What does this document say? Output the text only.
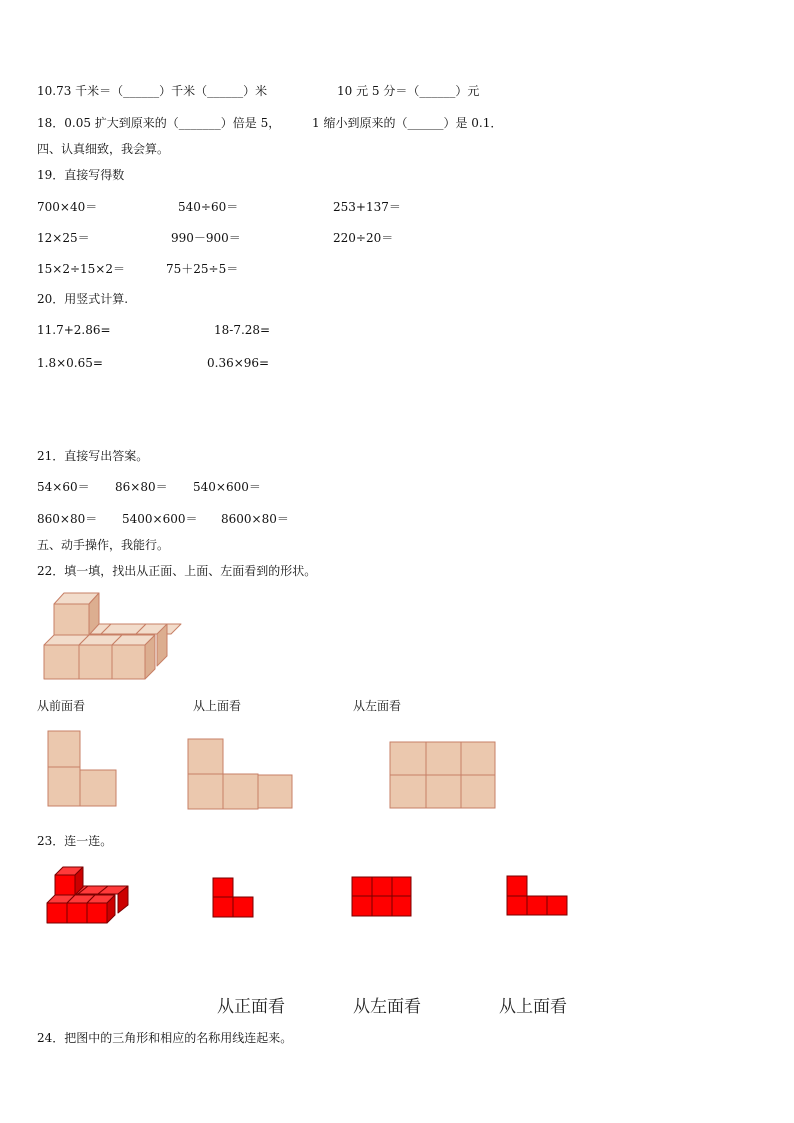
10.73 千米＝（______）千米（______）米	10 元 5 分＝（______）元
18．0.05 扩大到原来的（_______）倍是 5，	1 缩小到原来的（______）是 0.1．
四、认真细致，我会算。
19．直接写得数
700×40＝	540÷60＝	253+137＝
12×25＝	990－900＝	220÷20＝
15×2÷15×2＝	75＋25÷5＝
20．用竖式计算.
11.7+2.86=	18-7.28=
1.8×0.65=	0.36×96=
21．直接写出答案。
54×60＝ 86×80＝ 540×600＝
860×80＝ 5400×600＝ 8600×80＝
五、动手操作，我能行。
22．填一填，找出从正面、上面、左面看到的形状。
从前面看	从上面看	从左面看
23．连一连。
从正面看	从左面看	从上面看
24．把图中的三角形和相应的名称用线连起来。
